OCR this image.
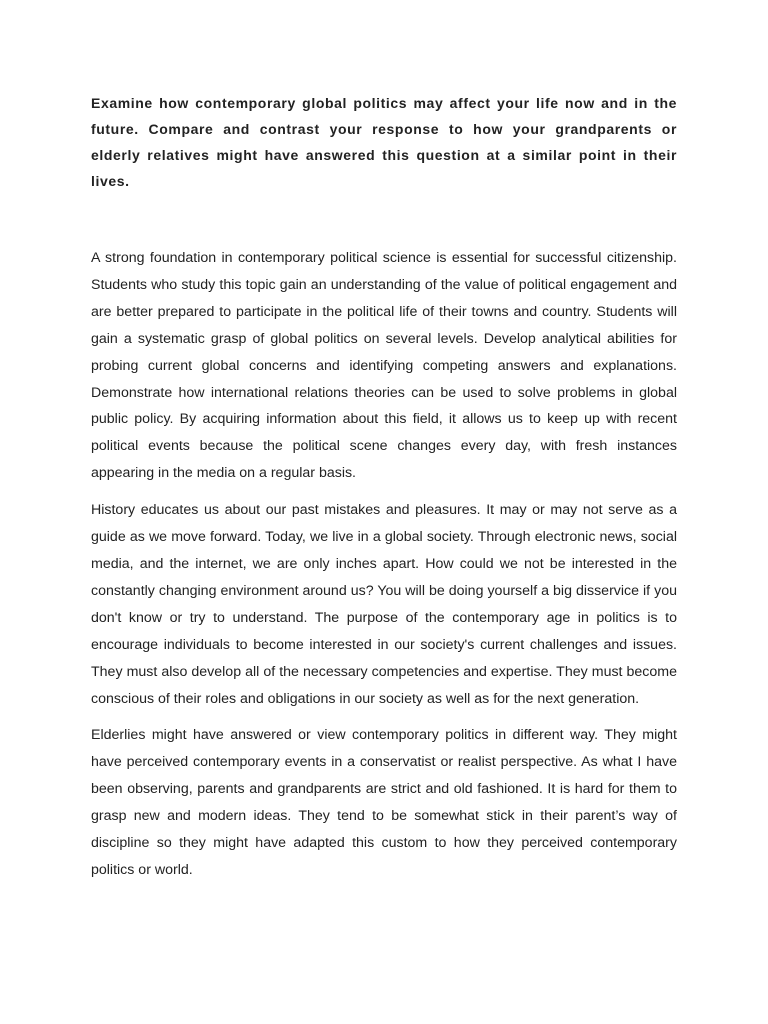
Examine how contemporary global politics may affect your life now and in the future. Compare and contrast your response to how your grandparents or elderly relatives might have answered this question at a similar point in their lives.

A strong foundation in contemporary political science is essential for successful citizenship. Students who study this topic gain an understanding of the value of political engagement and are better prepared to participate in the political life of their towns and country. Students will gain a systematic grasp of global politics on several levels. Develop analytical abilities for probing current global concerns and identifying competing answers and explanations. Demonstrate how international relations theories can be used to solve problems in global public policy. By acquiring information about this field, it allows us to keep up with recent political events because the political scene changes every day, with fresh instances appearing in the media on a regular basis.

History educates us about our past mistakes and pleasures. It may or may not serve as a guide as we move forward. Today, we live in a global society. Through electronic news, social media, and the internet, we are only inches apart. How could we not be interested in the constantly changing environment around us? You will be doing yourself a big disservice if you don't know or try to understand. The purpose of the contemporary age in politics is to encourage individuals to become interested in our society's current challenges and issues. They must also develop all of the necessary competencies and expertise. They must become conscious of their roles and obligations in our society as well as for the next generation.

Elderlies might have answered or view contemporary politics in different way. They might have perceived contemporary events in a conservatist or realist perspective. As what I have been observing, parents and grandparents are strict and old fashioned. It is hard for them to grasp new and modern ideas. They tend to be somewhat stick in their parent’s way of discipline so they might have adapted this custom to how they perceived contemporary politics or world.
